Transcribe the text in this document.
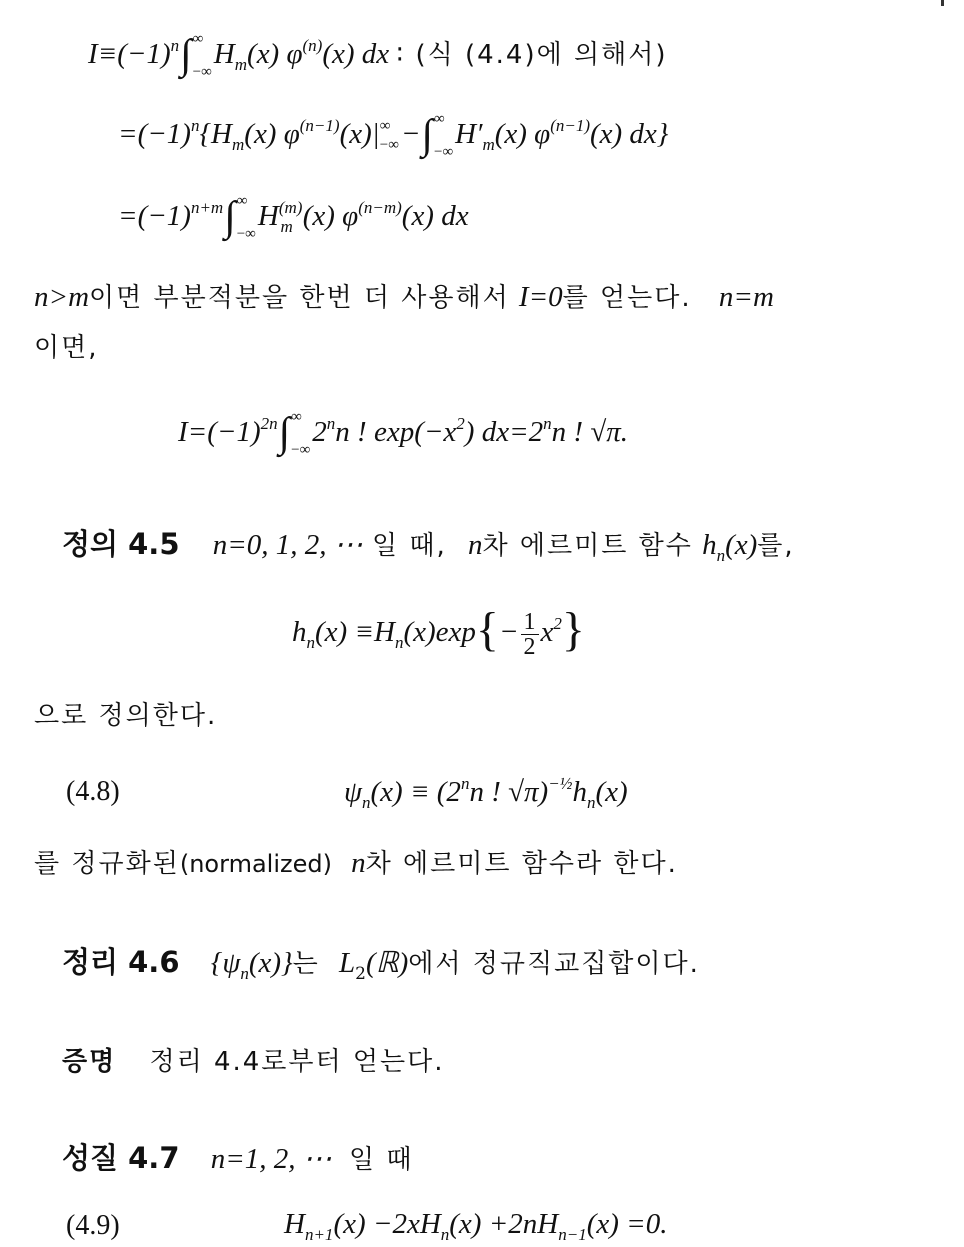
$I\equiv(-1)^n\int$ ∞
−∞
$H_m(x)$ $\varphi^{(n)}(x)$ dx ∶ (식 (4.4)에 의해서)
$=(-1)^n\{H_m(x)$ $\varphi^{(n-1)}(x)|$ ∞
−∞ −∫ ∞
−∞
$H'_m(x)$ $\varphi^{(n-1)}(x)$ dx}
$=(-1)^{n+m}\int$ ∞
−∞
$H^{(m)}_m$ (x) $\varphi^{(n-m)}(x)$ dx
n>m이면 부분적분을 한번 더 사용해서 I=0를 얻는다. n=m
이면,
$I=(-1)^{2n}\int$ ∞
−∞
2$^n$n ! $\exp(-x^2)$ $dx=2^nn$ ! √π.
정의 4.5 n=0, 1, 2, ⋯ 일 때, n차 에르미트 함수 $h_n(x)$를,
$h_n(x) \equiv H_n(x)\exp\{- \frac{1}{2} x^2\}$
으로 정의한다.
(4.8)	$\psi_n(x) \equiv (2^nn$ ! $√\pi)^{-\frac{1}{2}}h_n(x)$
를 정규화된(normalized) n차 에르미트 함수라 한다.
정리 4.6 $\{\psi_n(x)\}$는 $L_2(ℝ)$에서 정규직교집합이다.
증명 정리 4.4로부터 얻는다.
성질 4.7 n=1, 2, ⋯ 일 때
(4.9)	$H_{n+1}(x) -2xH_n(x) +2nH_{n-1}(x) =0$.
